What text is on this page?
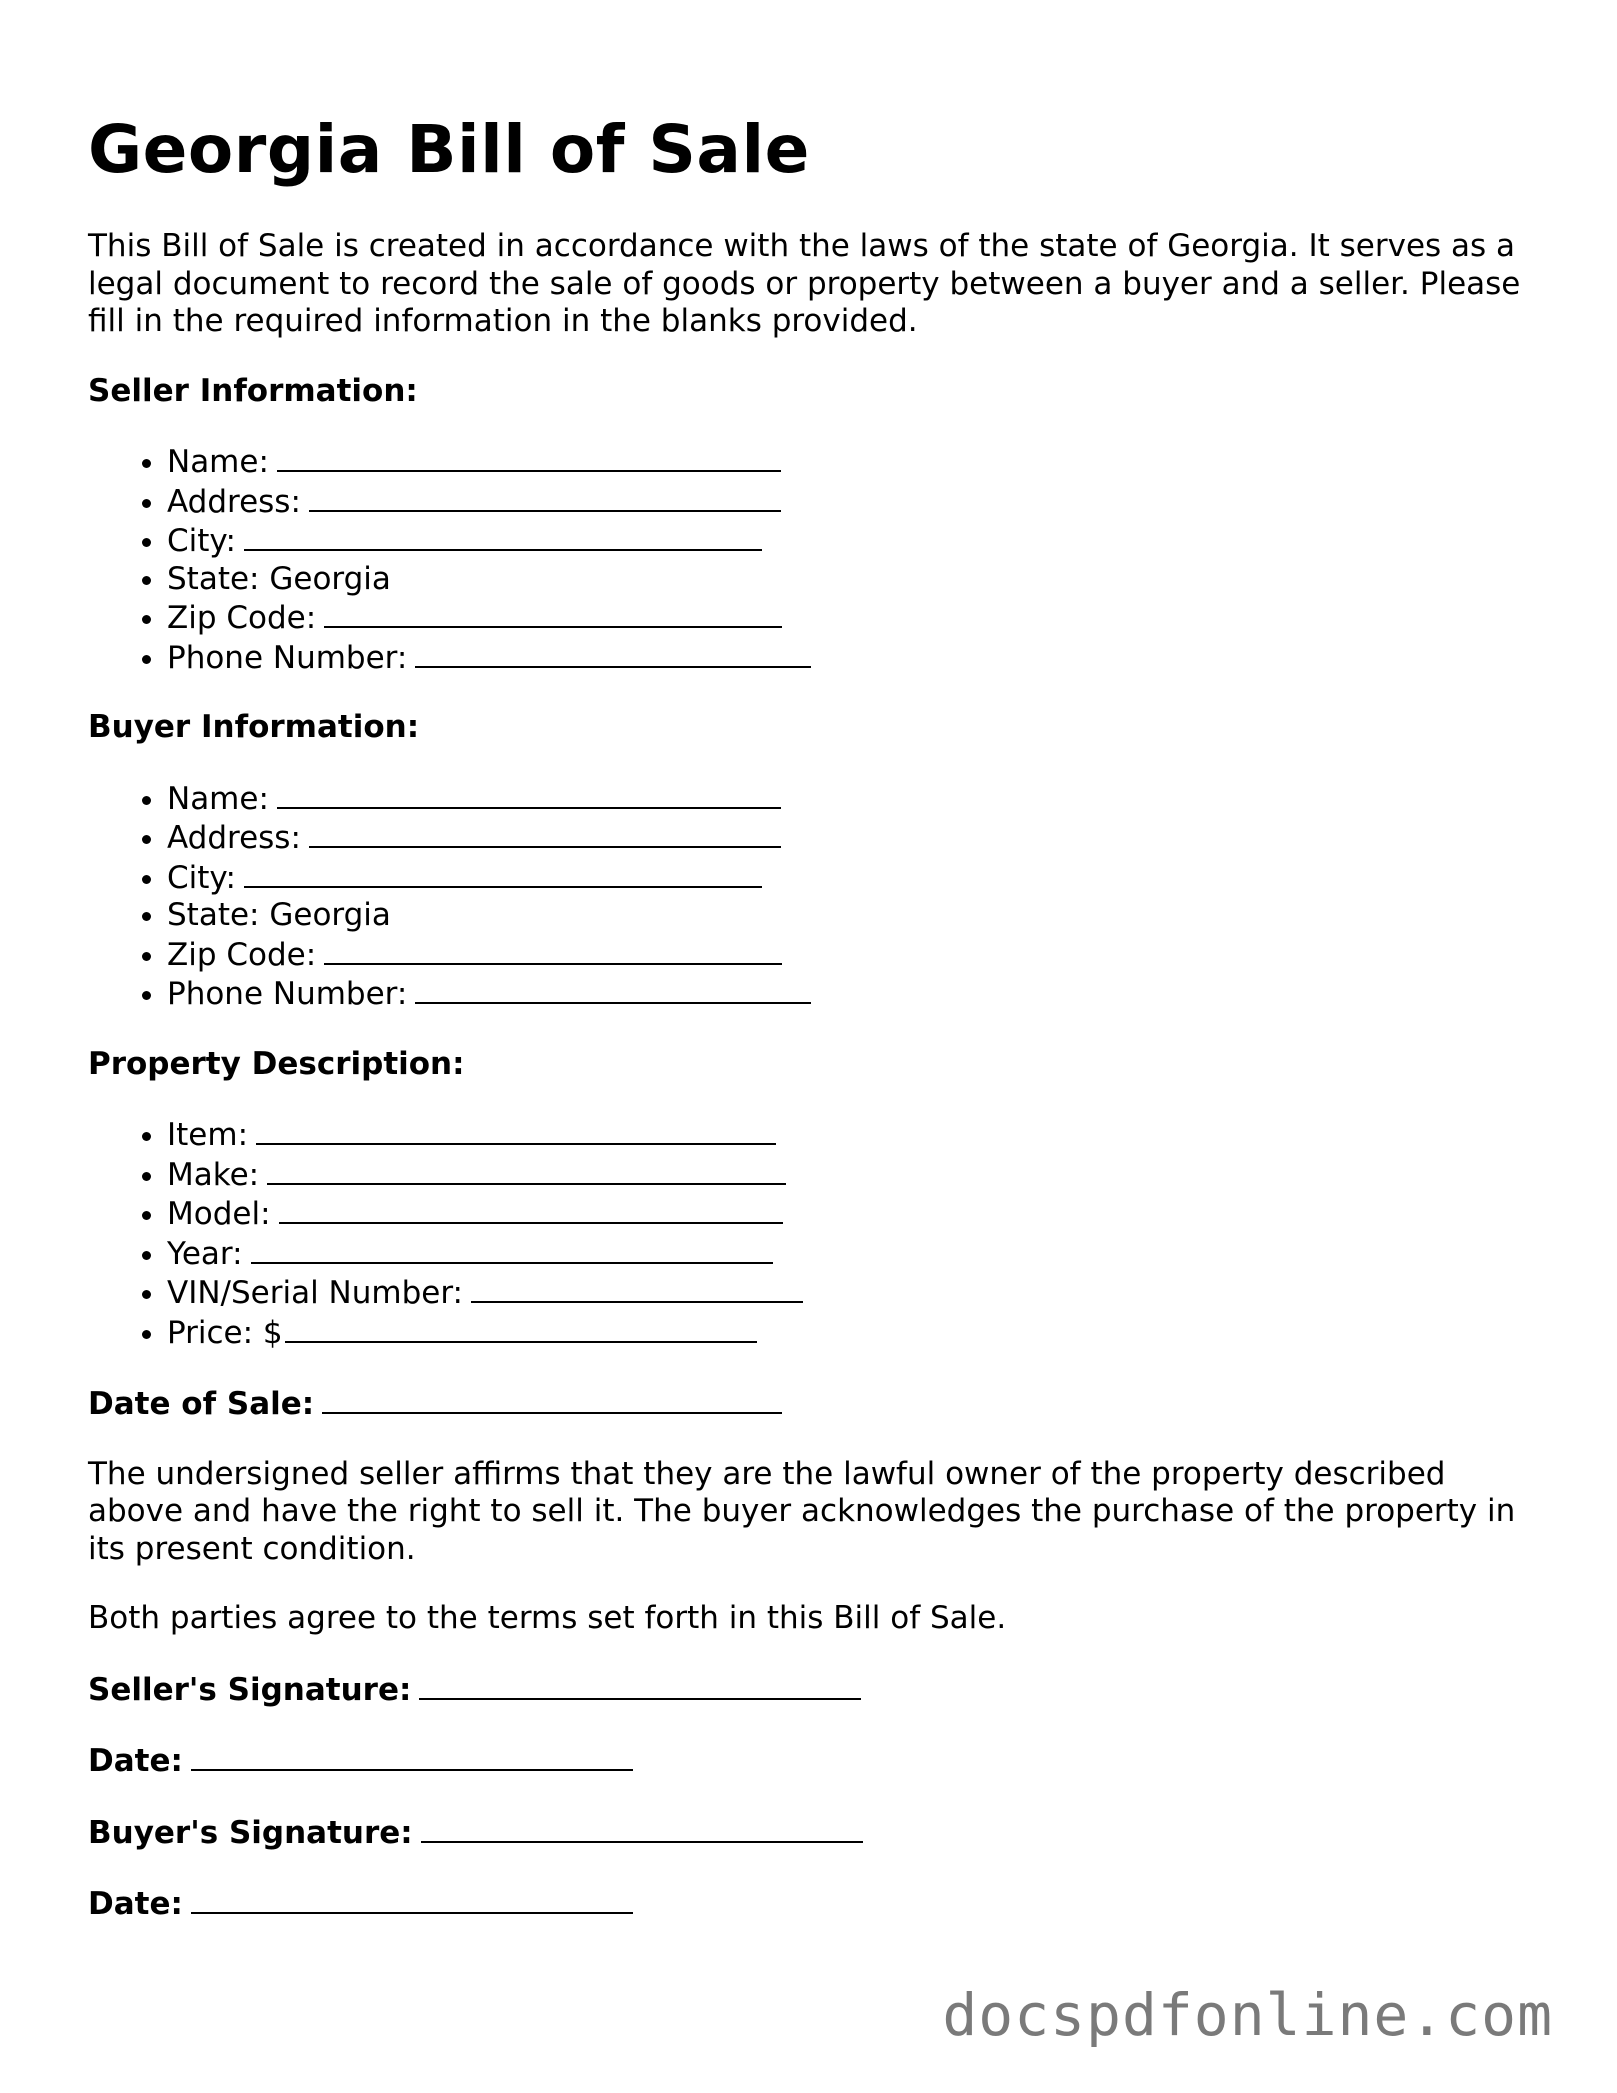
Georgia Bill of Sale

This Bill of Sale is created in accordance with the laws of the state of Georgia. It serves as a legal document to record the sale of goods or property between a buyer and a seller. Please fill in the required information in the blanks provided.

Seller Information:
• Name:
• Address:
• City:
• State: Georgia
• Zip Code:
• Phone Number:
Buyer Information:
• Name:
• Address:
• City:
• State: Georgia
• Zip Code:
• Phone Number:
Property Description:
• Item:
• Make:
• Model:
• Year:
• VIN/Serial Number:
• Price: $
Date of Sale:

The undersigned seller affirms that they are the lawful owner of the property described above and have the right to sell it. The buyer acknowledges the purchase of the property in its present condition.

Both parties agree to the terms set forth in this Bill of Sale.

Seller's Signature:
Date:
Buyer's Signature:
Date:
docspdfonline.com
